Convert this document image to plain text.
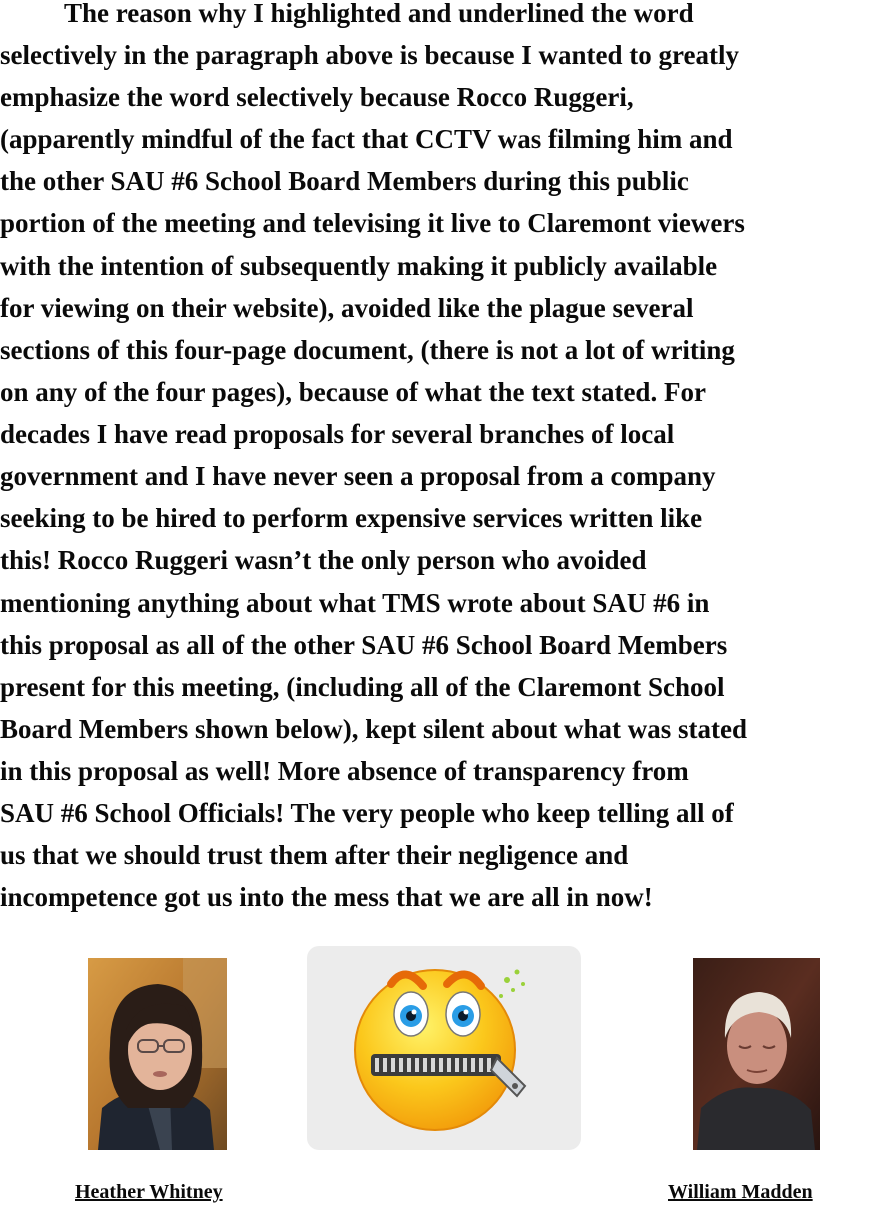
The reason why I highlighted and underlined the word
selectively in the paragraph above is because I wanted to greatly
emphasize the word selectively because Rocco Ruggeri,
(apparently mindful of the fact that CCTV was filming him and
the other SAU #6 School Board Members during this public
portion of the meeting and televising it live to Claremont viewers
with the intention of subsequently making it publicly available
for viewing on their website), avoided like the plague several
sections of this four-page document, (there is not a lot of writing
on any of the four pages), because of what the text stated. For
decades I have read proposals for several branches of local
government and I have never seen a proposal from a company
seeking to be hired to perform expensive services written like
this! Rocco Ruggeri wasn’t the only person who avoided
mentioning anything about what TMS wrote about SAU #6 in
this proposal as all of the other SAU #6 School Board Members
present for this meeting, (including all of the Claremont School
Board Members shown below), kept silent about what was stated
in this proposal as well! More absence of transparency from
SAU #6 School Officials! The very people who keep telling all of
us that we should trust them after their negligence and
incompetence got us into the mess that we are all in now!
Heather Whitney	William Madden
